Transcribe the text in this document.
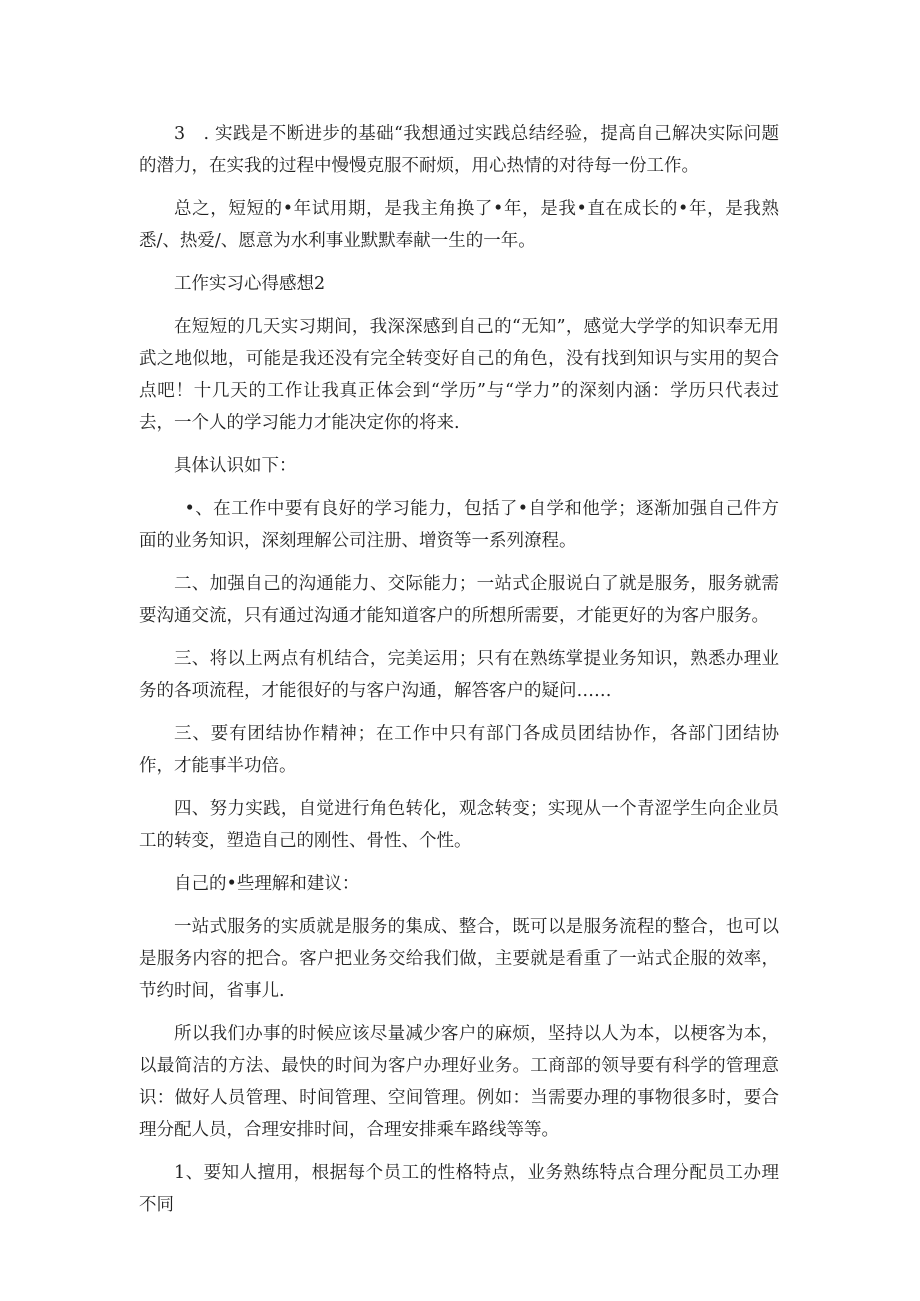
3　. 实践是不断进步的基础“我想通过实践总结经验，提高自己解决实际问题的潜力，在实我的过程中慢慢克服不耐烦，用心热情的对待每一份工作。

总之，短短的•年试用期，是我主角换了•年，是我•直在成长的•年，是我熟悉/、热爱/、愿意为水利事业默默奉献一生的一年。

工作实习心得感想2

在短短的几天实习期间，我深深感到自己的“无知”，感觉大学学的知识奉无用武之地似地，可能是我还没有完全转变好自己的角色，没有找到知识与实用的契合点吧！十几天的工作让我真正体会到“学历”与“学力”的深刻内涵：学历只代表过去，一个人的学习能力才能决定你的将来.

具体认识如下：

•、在工作中要有良好的学习能力，包括了•自学和他学；逐渐加强自己件方面的业务知识，深刻理解公司注册、增资等一系列潦程。

二、加强自己的沟通能力、交际能力；一站式企服说白了就是服务，服务就需要沟通交流，只有通过沟通才能知道客户的所想所需要，才能更好的为客户服务。

三、将以上两点有机结合，完美运用；只有在熟练掌提业务知识，熟悉办理业务的各项流程，才能很好的与客户沟通，解答客户的疑问……

三、要有团结协作精神；在工作中只有部门各成员团结协作，各部门团结协作，才能事半功倍。

四、努力实践，自觉进行角色转化，观念转变；实现从一个青涩学生向企业员工的转变，塑造自己的刚性、骨性、个性。

自己的•些理解和建议：

一站式服务的实质就是服务的集成、整合，既可以是服务流程的整合，也可以是服务内容的把合。客户把业务交给我们做，主要就是看重了一站式企服的效率，节约时间，省事儿.

所以我们办事的时候应该尽量减少客户的麻烦，坚持以人为本，以梗客为本，以最简洁的方法、最快的时间为客户办理好业务。工商部的领导要有科学的管理意识：做好人员管理、时间管理、空间管理。例如：当需要办理的事物很多时，要合理分配人员，合理安排时间，合理安排乘车路线等等。

1、要知人擅用，根据每个员工的性格特点，业务熟练特点合理分配员工办理不同
